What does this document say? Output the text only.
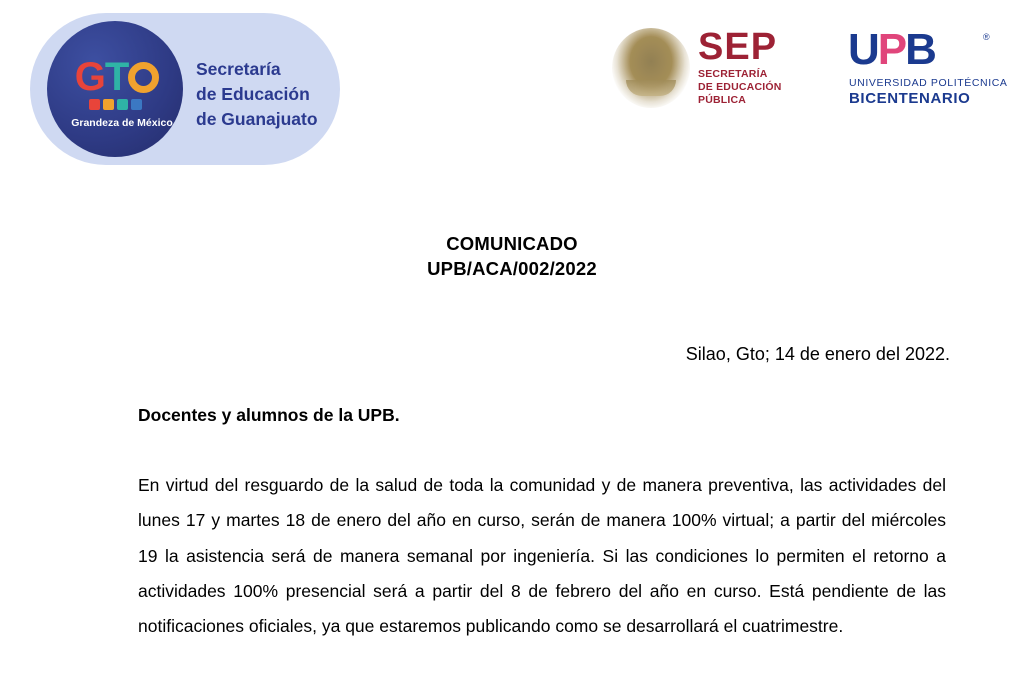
GT
Grandeza de México
Secretaría
de Educación
de Guanajuato
SEP
SECRETARÍA
DE EDUCACIÓN
PÚBLICA
UPB	®
UNIVERSIDAD POLITÉCNICA
BICENTENARIO
COMUNICADO
UPB/ACA/002/2022
Silao, Gto; 14 de enero del 2022.
Docentes y alumnos de la UPB.
En virtud del resguardo de la salud de toda la comunidad y de manera preventiva, las actividades del lunes 17 y martes 18 de enero del año en curso, serán de manera 100% virtual; a partir del miércoles 19 la asistencia será de manera semanal por ingeniería. Si las condiciones lo permiten el retorno a actividades 100% presencial será a partir del 8 de febrero del año en curso. Está pendiente de las notificaciones oficiales, ya que estaremos publicando como se desarrollará el cuatrimestre.
